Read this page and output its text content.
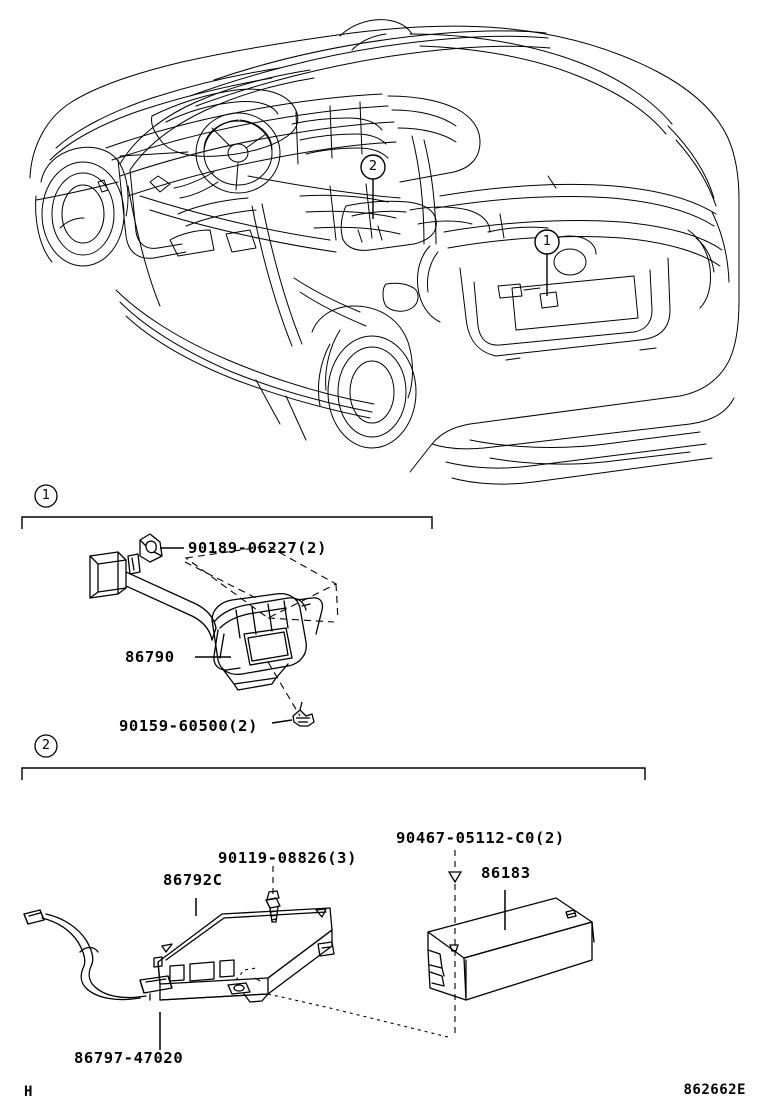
1
2
90189-06227(2)
86790
90159-60500(2)
1
90119-08826(3)
90467-05112-C0(2)
86183
86792C
86797-47020
2
H	862662E
